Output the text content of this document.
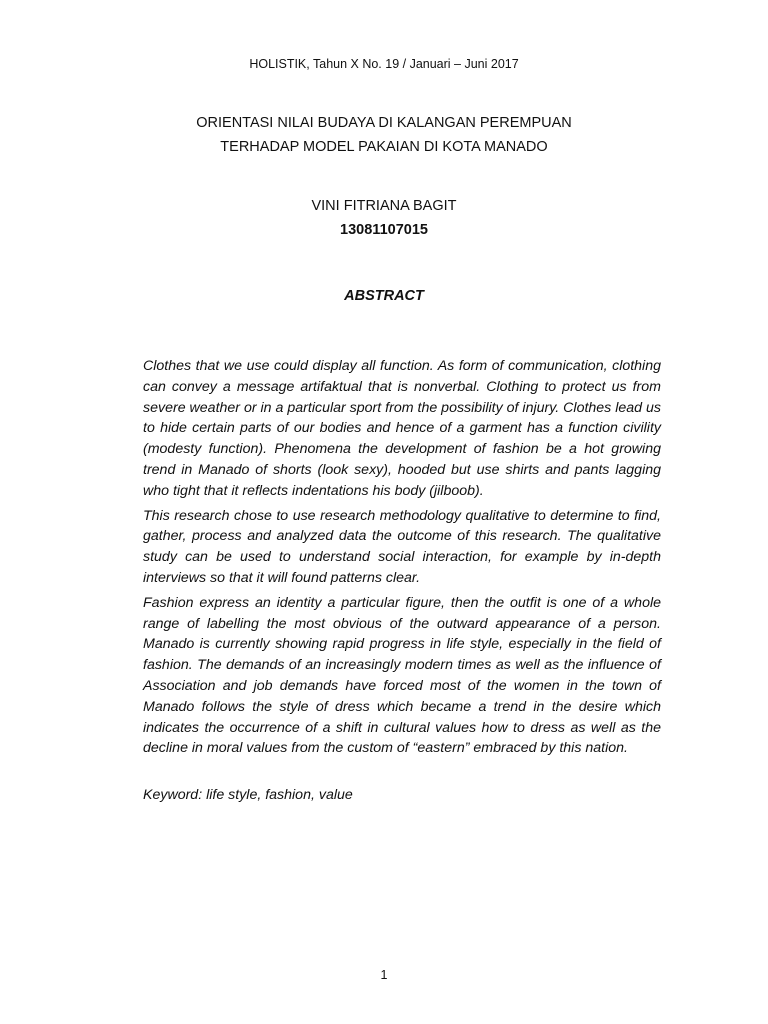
HOLISTIK, Tahun X No. 19 / Januari – Juni 2017
ORIENTASI NILAI BUDAYA DI KALANGAN PEREMPUAN
TERHADAP MODEL PAKAIAN DI KOTA MANADO
VINI FITRIANA BAGIT
13081107015
ABSTRACT

Clothes that we use could display all function. As form of communication, clothing can convey a message artifaktual that is nonverbal. Clothing to protect us from severe weather or in a particular sport from the possibility of injury. Clothes lead us to hide certain parts of our bodies and hence of a garment has a function civility (modesty function). Phenomena the development of fashion be a hot growing trend in Manado of shorts (look sexy), hooded but use shirts and pants lagging who tight that it reflects indentations his body (jilboob).

This research chose to use research methodology qualitative to determine to find, gather, process and analyzed data the outcome of this research. The qualitative study can be used to understand social interaction, for example by in-depth interviews so that it will found patterns clear.

Fashion express an identity a particular figure, then the outfit is one of a whole range of labelling the most obvious of the outward appearance of a person. Manado is currently showing rapid progress in life style, especially in the field of fashion. The demands of an increasingly modern times as well as the influence of Association and job demands have forced most of the women in the town of Manado follows the style of dress which became a trend in the desire which indicates the occurrence of a shift in cultural values how to dress as well as the decline in moral values from the custom of “eastern” embraced by this nation.

Keyword: life style, fashion, value
1
